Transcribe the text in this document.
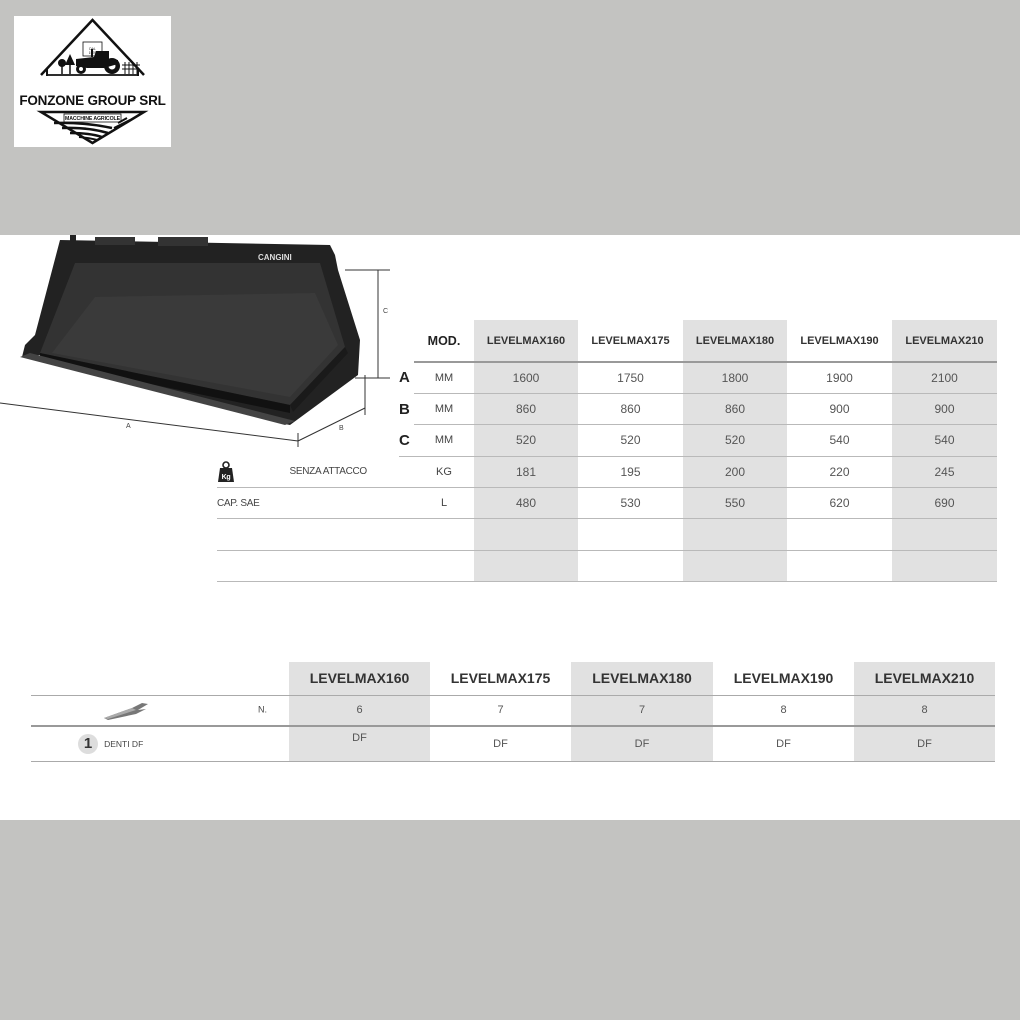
DAL
1976
FONZONE GROUP SRL
MACCHINE AGRICOLE
CANGINI
A	B
C
		MOD.	LEVELMAX160	LEVELMAX175	LEVELMAX180	LEVELMAX190	LEVELMAX210
	A	MM	1600	1750	1800	1900	2100
	B	MM	860	860	860	900	900
	C	MM	520	520	520	540	540

Kg SENZA ATTACCO		KG	181	195	200	220	245
CAP. SAE		L	480	530	550	620	690

	LEVELMAX160	LEVELMAX175	LEVELMAX180	LEVELMAX190	LEVELMAX210
N.	6	7	7	8	8
1 DENTI DF	DF	DF	DF	DF	DF
